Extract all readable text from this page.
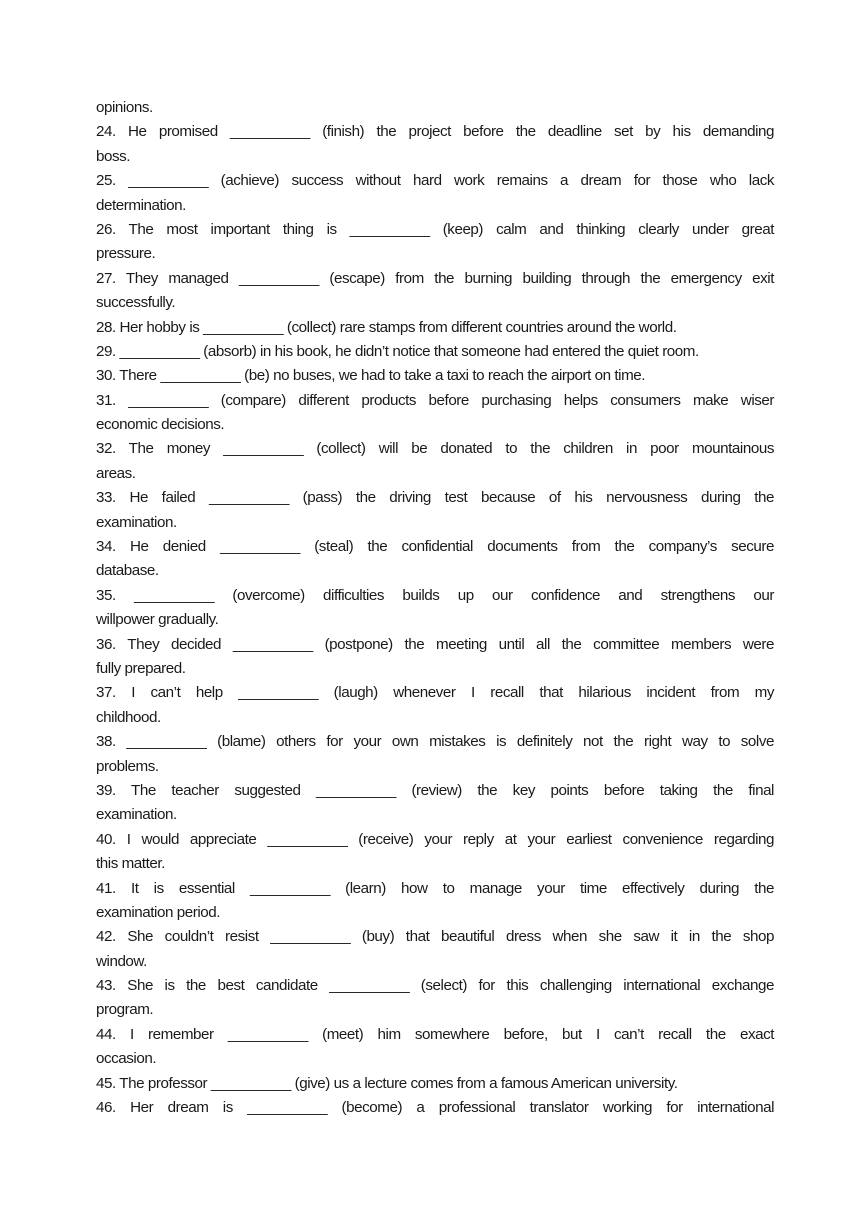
opinions.
24. He promised __________ (finish) the project before the deadline set by his demanding
boss.
25. __________ (achieve) success without hard work remains a dream for those who lack
determination.
26. The most important thing is __________ (keep) calm and thinking clearly under great
pressure.
27. They managed __________ (escape) from the burning building through the emergency exit
successfully.
28. Her hobby is __________ (collect) rare stamps from different countries around the world.
29. __________ (absorb) in his book, he didn’t notice that someone had entered the quiet room.
30. There __________ (be) no buses, we had to take a taxi to reach the airport on time.
31. __________ (compare) different products before purchasing helps consumers make wiser
economic decisions.
32. The money __________ (collect) will be donated to the children in poor mountainous
areas.
33. He failed __________ (pass) the driving test because of his nervousness during the
examination.
34. He denied __________ (steal) the confidential documents from the company’s secure
database.
35. __________ (overcome) difficulties builds up our confidence and strengthens our
willpower gradually.
36. They decided __________ (postpone) the meeting until all the committee members were
fully prepared.
37. I can’t help __________ (laugh) whenever I recall that hilarious incident from my
childhood.
38. __________ (blame) others for your own mistakes is definitely not the right way to solve
problems.
39. The teacher suggested __________ (review) the key points before taking the final
examination.
40. I would appreciate __________ (receive) your reply at your earliest convenience regarding
this matter.
41. It is essential __________ (learn) how to manage your time effectively during the
examination period.
42. She couldn’t resist __________ (buy) that beautiful dress when she saw it in the shop
window.
43. She is the best candidate __________ (select) for this challenging international exchange
program.
44. I remember __________ (meet) him somewhere before, but I can’t recall the exact
occasion.
45. The professor __________ (give) us a lecture comes from a famous American university.
46. Her dream is __________ (become) a professional translator working for international
